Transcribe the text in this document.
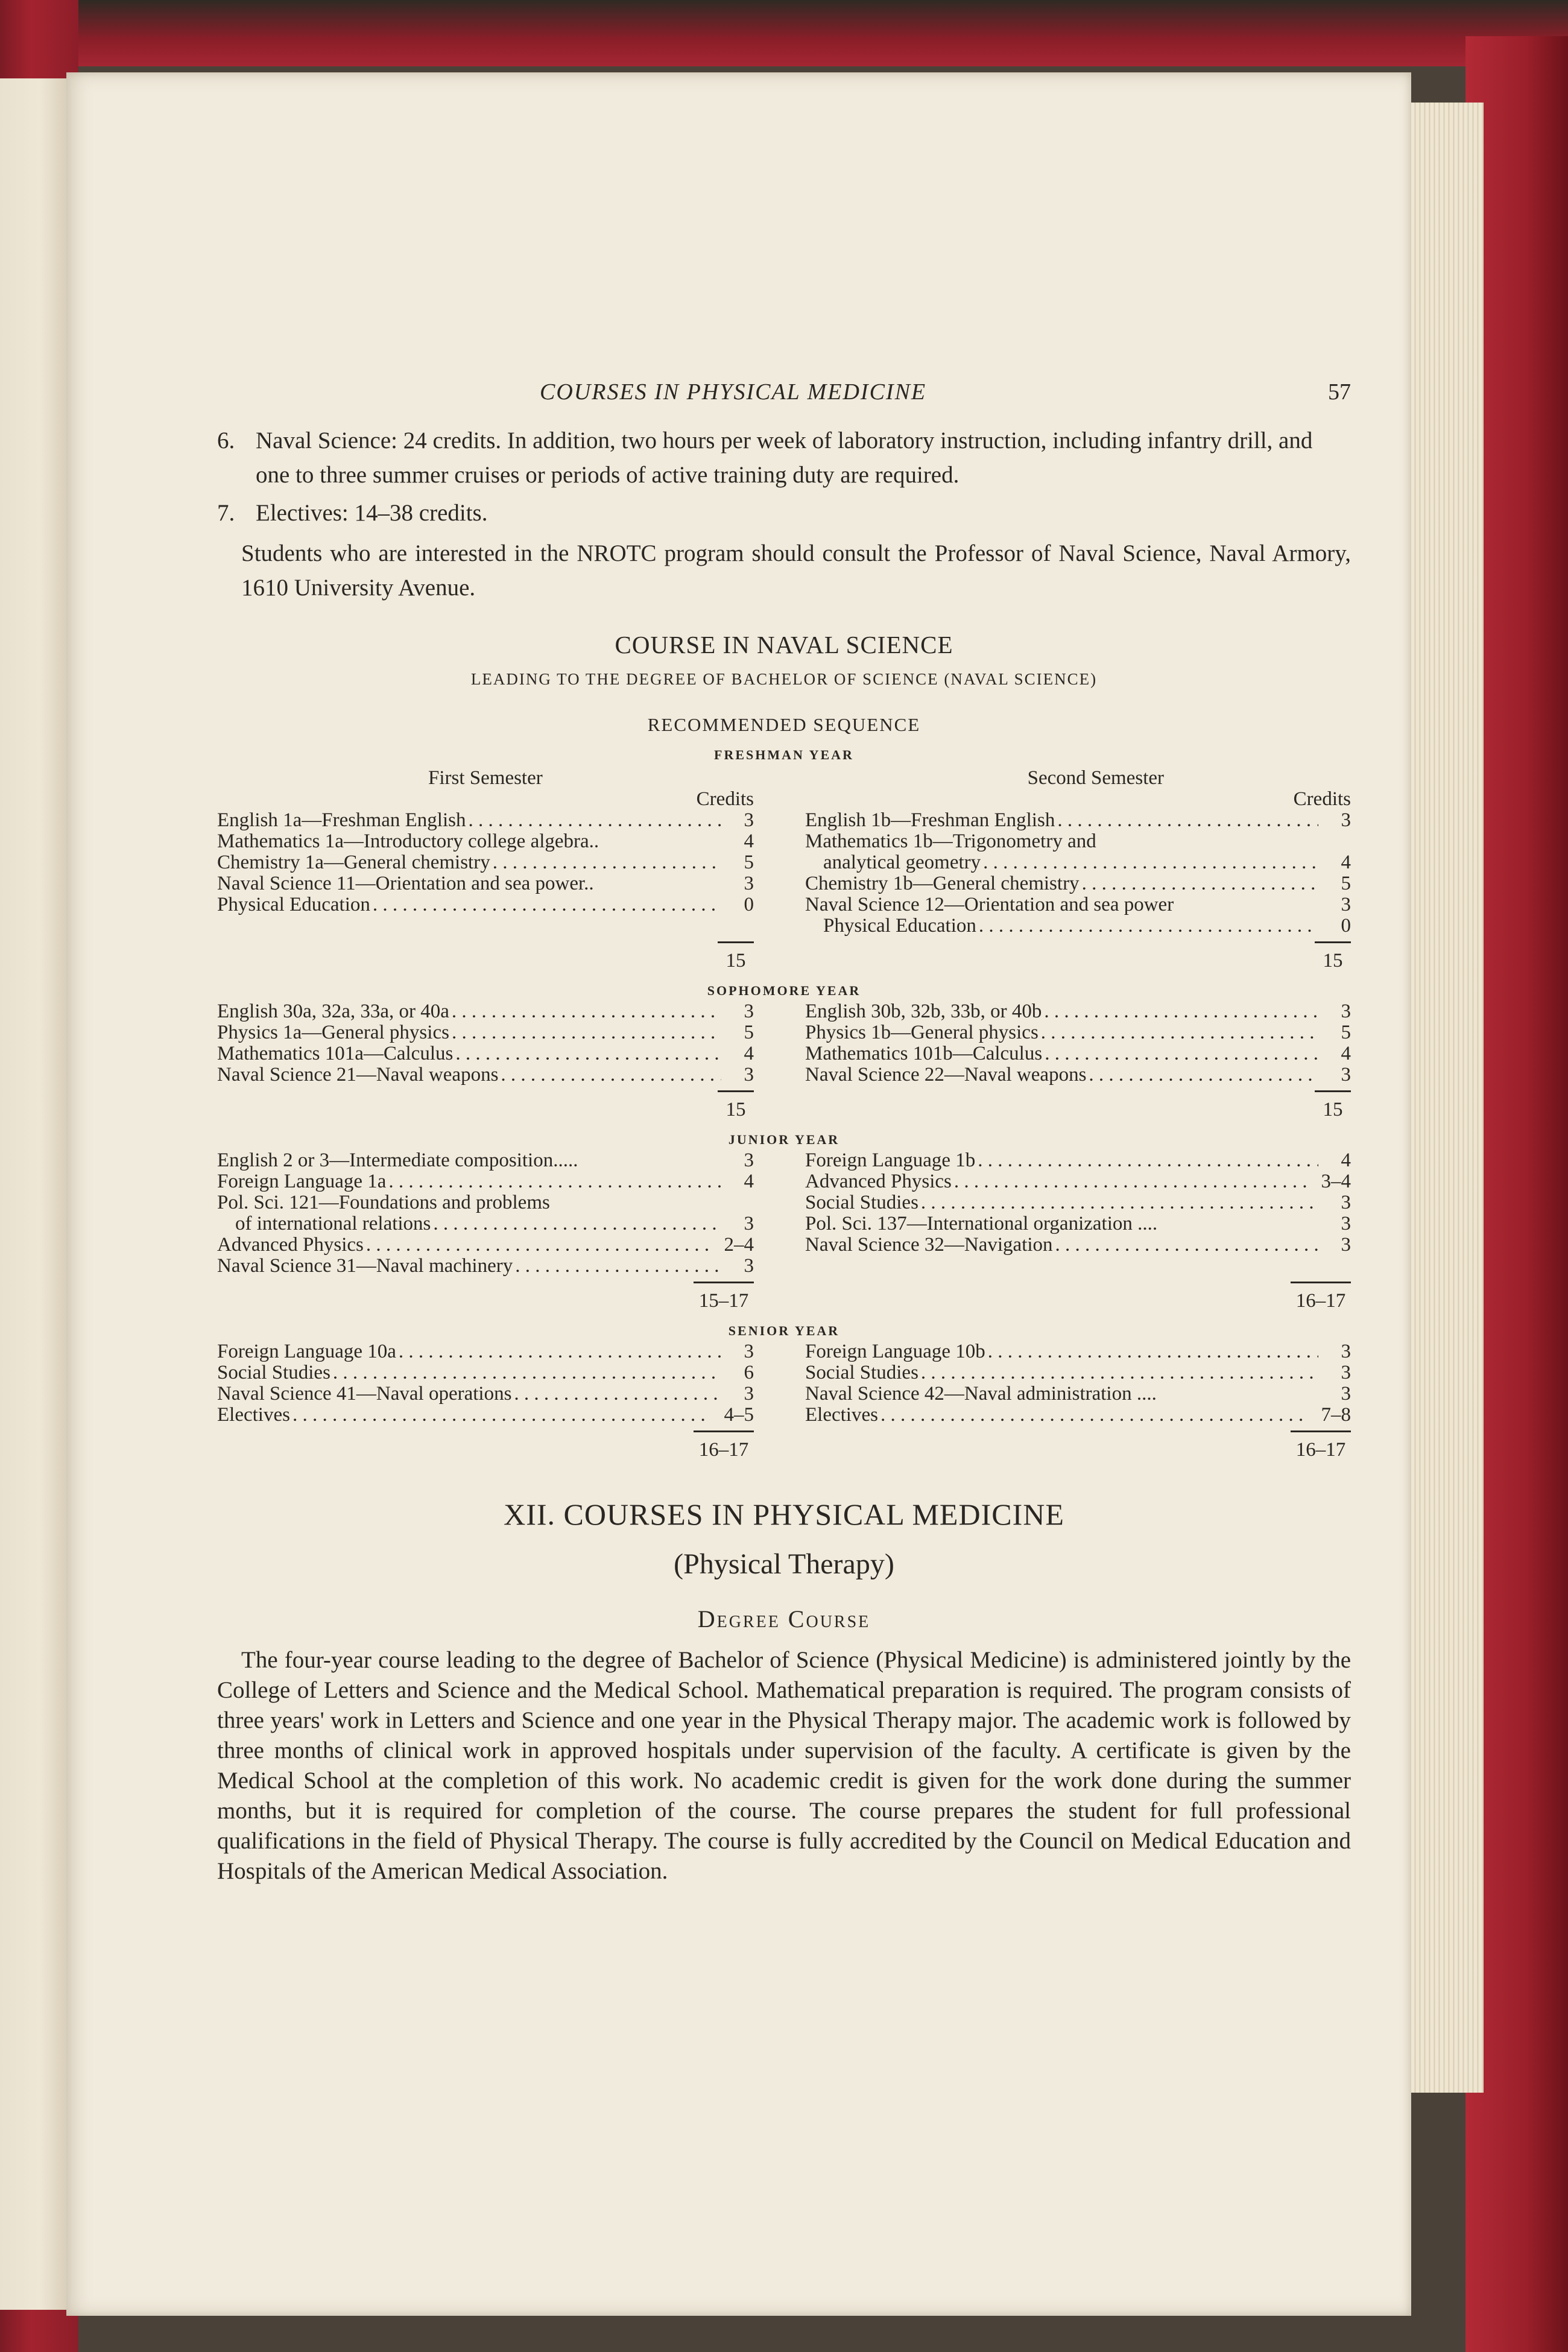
COURSES IN PHYSICAL MEDICINE	57
6. Naval Science: 24 credits. In addition, two hours per week of laboratory instruction, including infantry drill, and one to three summer cruises or periods of active training duty are required.
7. Electives: 14–38 credits.
Students who are interested in the NROTC program should consult the Professor of Naval Science, Naval Armory, 1610 University Avenue.
COURSE IN NAVAL SCIENCE
LEADING TO THE DEGREE OF BACHELOR OF SCIENCE (NAVAL SCIENCE)
RECOMMENDED SEQUENCE
FRESHMAN YEAR
First Semester	Second Semester
Credits	Credits
English 1a—Freshman English . . .	3
Mathematics 1a—Introductory college algebra..	4
Chemistry 1a—General chemistry . . .	5
Naval Science 11—Orientation and sea power..	3
Physical Education . . .	0
English 1b—Freshman English . . .	3
Mathematics 1b—Trigonometry and
analytical geometry . . .	4
Chemistry 1b—General chemistry . . .	5
Naval Science 12—Orientation and sea power	3
Physical Education . . .	0
15	15
SOPHOMORE YEAR
English 30a, 32a, 33a, or 40a . . .	3
Physics 1a—General physics . . .	5
Mathematics 101a—Calculus . . .	4
Naval Science 21—Naval weapons . . .	3
English 30b, 32b, 33b, or 40b . . .	3
Physics 1b—General physics . . .	5
Mathematics 101b—Calculus . . .	4
Naval Science 22—Naval weapons . . .	3
15	15
JUNIOR YEAR
English 2 or 3—Intermediate composition.....	3
Foreign Language 1a . . .	4
Pol. Sci. 121—Foundations and problems
of international relations . . .	3
Advanced Physics . . .	2–4
Naval Science 31—Naval machinery . . .	3
Foreign Language 1b . . .	4
Advanced Physics . . .	3–4
Social Studies . . .	3
Pol. Sci. 137—International organization ....	3
Naval Science 32—Navigation . . .	3
15–17	16–17
SENIOR YEAR
Foreign Language 10a . . .	3
Social Studies . . .	6
Naval Science 41—Naval operations . . .	3
Electives . . .	4–5
Foreign Language 10b . . .	3
Social Studies . . .	3
Naval Science 42—Naval administration ....	3
Electives . . .	7–8
16–17	16–17
XII. COURSES IN PHYSICAL MEDICINE
(Physical Therapy)
Degree Course
The four-year course leading to the degree of Bachelor of Science (Physical Medicine) is administered jointly by the College of Letters and Science and the Medical School. Mathematical preparation is required. The program consists of three years' work in Letters and Science and one year in the Physical Therapy major. The academic work is followed by three months of clinical work in approved hospitals under supervision of the faculty. A certificate is given by the Medical School at the completion of this work. No academic credit is given for the work done during the summer months, but it is required for completion of the course. The course prepares the student for full professional qualifications in the field of Physical Therapy. The course is fully accredited by the Council on Medical Education and Hospitals of the American Medical Association.
